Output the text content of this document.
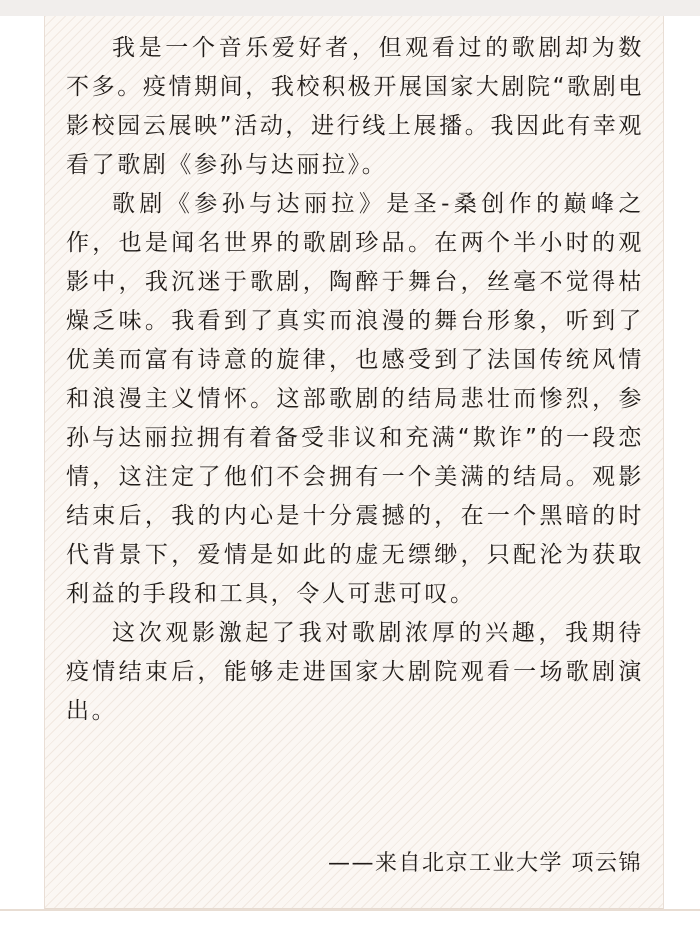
我是一个音乐爱好者，但观看过的歌剧却为数不多。疫情期间，我校积极开展国家大剧院“歌剧电影校园云展映”活动，进行线上展播。我因此有幸观看了歌剧《参孙与达丽拉》。

歌剧《参孙与达丽拉》是圣-桑创作的巅峰之作，也是闻名世界的歌剧珍品。在两个半小时的观影中，我沉迷于歌剧，陶醉于舞台，丝毫不觉得枯燥乏味。我看到了真实而浪漫的舞台形象，听到了优美而富有诗意的旋律，也感受到了法国传统风情和浪漫主义情怀。这部歌剧的结局悲壮而惨烈，参孙与达丽拉拥有着备受非议和充满“欺诈”的一段恋情，这注定了他们不会拥有一个美满的结局。观影结束后，我的内心是十分震撼的，在一个黑暗的时代背景下，爱情是如此的虚无缥缈，只配沦为获取利益的手段和工具，令人可悲可叹。

这次观影激起了我对歌剧浓厚的兴趣，我期待疫情结束后，能够走进国家大剧院观看一场歌剧演出。

——来自北京工业大学 项云锦
